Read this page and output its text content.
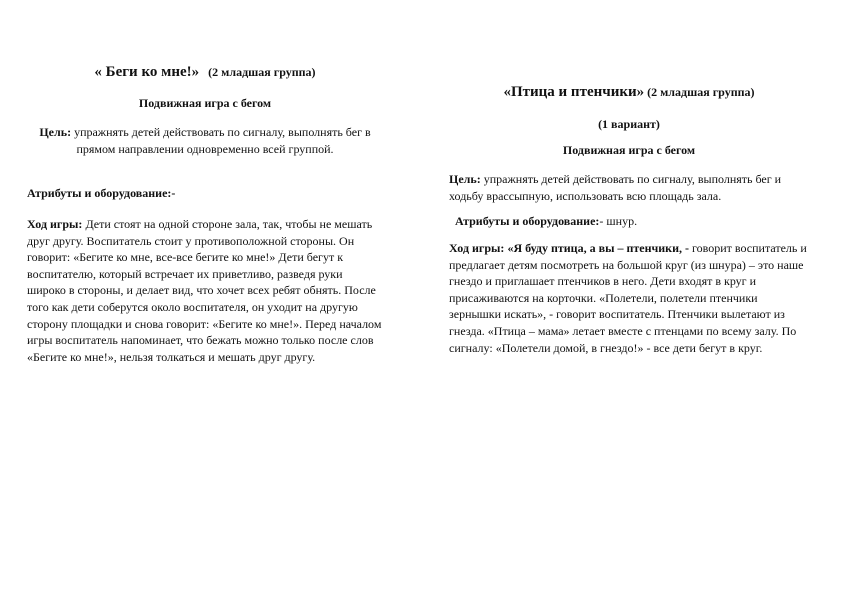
« Беги ко мне!» (2 младшая группа)

Подвижная игра с бегом

Цель: упражнять детей действовать по сигналу, выполнять бег в прямом направлении одновременно всей группой.

Атрибуты и оборудование:-

Ход игры: Дети стоят на одной стороне зала, так, чтобы не мешать друг другу. Воспитатель стоит у противоположной стороны. Он говорит: «Бегите ко мне, все-все бегите ко мне!» Дети бегут к воспитателю, который встречает их приветливо, разведя руки широко в стороны, и делает вид, что хочет всех ребят обнять. После того как дети соберутся около воспитателя, он уходит на другую сторону площадки и снова говорит: «Бегите ко мне!». Перед началом игры воспитатель напоминает, что бежать можно только после слов «Бегите ко мне!», нельзя толкаться и мешать друг другу.

«Птица и птенчики» (2 младшая группа)

(1 вариант)

Подвижная игра с бегом

Цель: упражнять детей действовать по сигналу, выполнять бег и ходьбу врассыпную, использовать всю площадь зала.

Атрибуты и оборудование:- шнур.

Ход игры: «Я буду птица, а вы – птенчики, - говорит воспитатель и предлагает детям посмотреть на большой круг (из шнура) – это наше гнездо и приглашает птенчиков в него. Дети входят в круг и присаживаются на корточки. «Полетели, полетели птенчики зернышки искать», - говорит воспитатель. Птенчики вылетают из гнезда. «Птица – мама» летает вместе с птенцами по всему залу. По сигналу: «Полетели домой, в гнездо!» - все дети бегут в круг.
